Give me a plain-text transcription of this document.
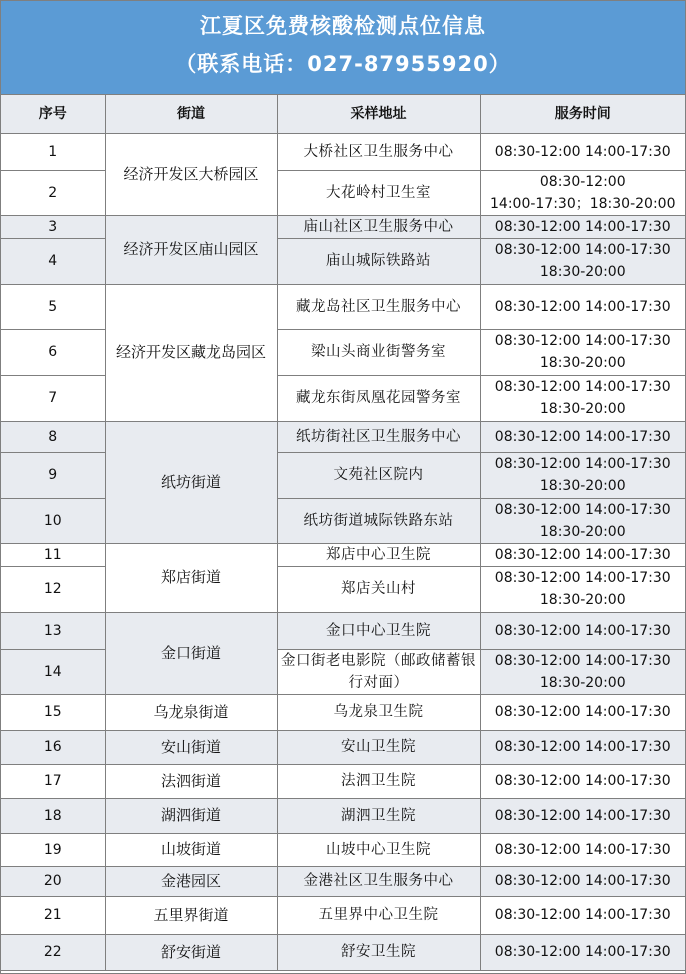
江夏区免费核酸检测点位信息
（联系电话：027-87955920）
序号	街道	采样地址	服务时间
1	经济开发区大桥园区	大桥社区卫生服务中心	08:30-12:00 14:00-17:30
2		大花岭村卫生室	08:30-12:00
14:00-17:30；18:30-20:00
3	经济开发区庙山园区	庙山社区卫生服务中心	08:30-12:00 14:00-17:30
4		庙山城际铁路站	08:30-12:00 14:00-17:30
18:30-20:00
5	经济开发区藏龙岛园区	藏龙岛社区卫生服务中心	08:30-12:00 14:00-17:30
6		梁山头商业街警务室	08:30-12:00 14:00-17:30
18:30-20:00
7		藏龙东街凤凰花园警务室	08:30-12:00 14:00-17:30
18:30-20:00
8	纸坊街道	纸坊街社区卫生服务中心	08:30-12:00 14:00-17:30
9		文苑社区院内	08:30-12:00 14:00-17:30
18:30-20:00
10		纸坊街道城际铁路东站	08:30-12:00 14:00-17:30
18:30-20:00
11	郑店街道	郑店中心卫生院	08:30-12:00 14:00-17:30
12		郑店关山村	08:30-12:00 14:00-17:30
18:30-20:00
13	金口街道	金口中心卫生院	08:30-12:00 14:00-17:30
14		金口街老电影院（邮政储蓄银行对面）	08:30-12:00 14:00-17:30
18:30-20:00
15	乌龙泉街道	乌龙泉卫生院	08:30-12:00 14:00-17:30
16	安山街道	安山卫生院	08:30-12:00 14:00-17:30
17	法泗街道	法泗卫生院	08:30-12:00 14:00-17:30
18	湖泗街道	湖泗卫生院	08:30-12:00 14:00-17:30
19	山坡街道	山坡中心卫生院	08:30-12:00 14:00-17:30
20	金港园区	金港社区卫生服务中心	08:30-12:00 14:00-17:30
21	五里界街道	五里界中心卫生院	08:30-12:00 14:00-17:30
22	舒安街道	舒安卫生院	08:30-12:00 14:00-17:30
